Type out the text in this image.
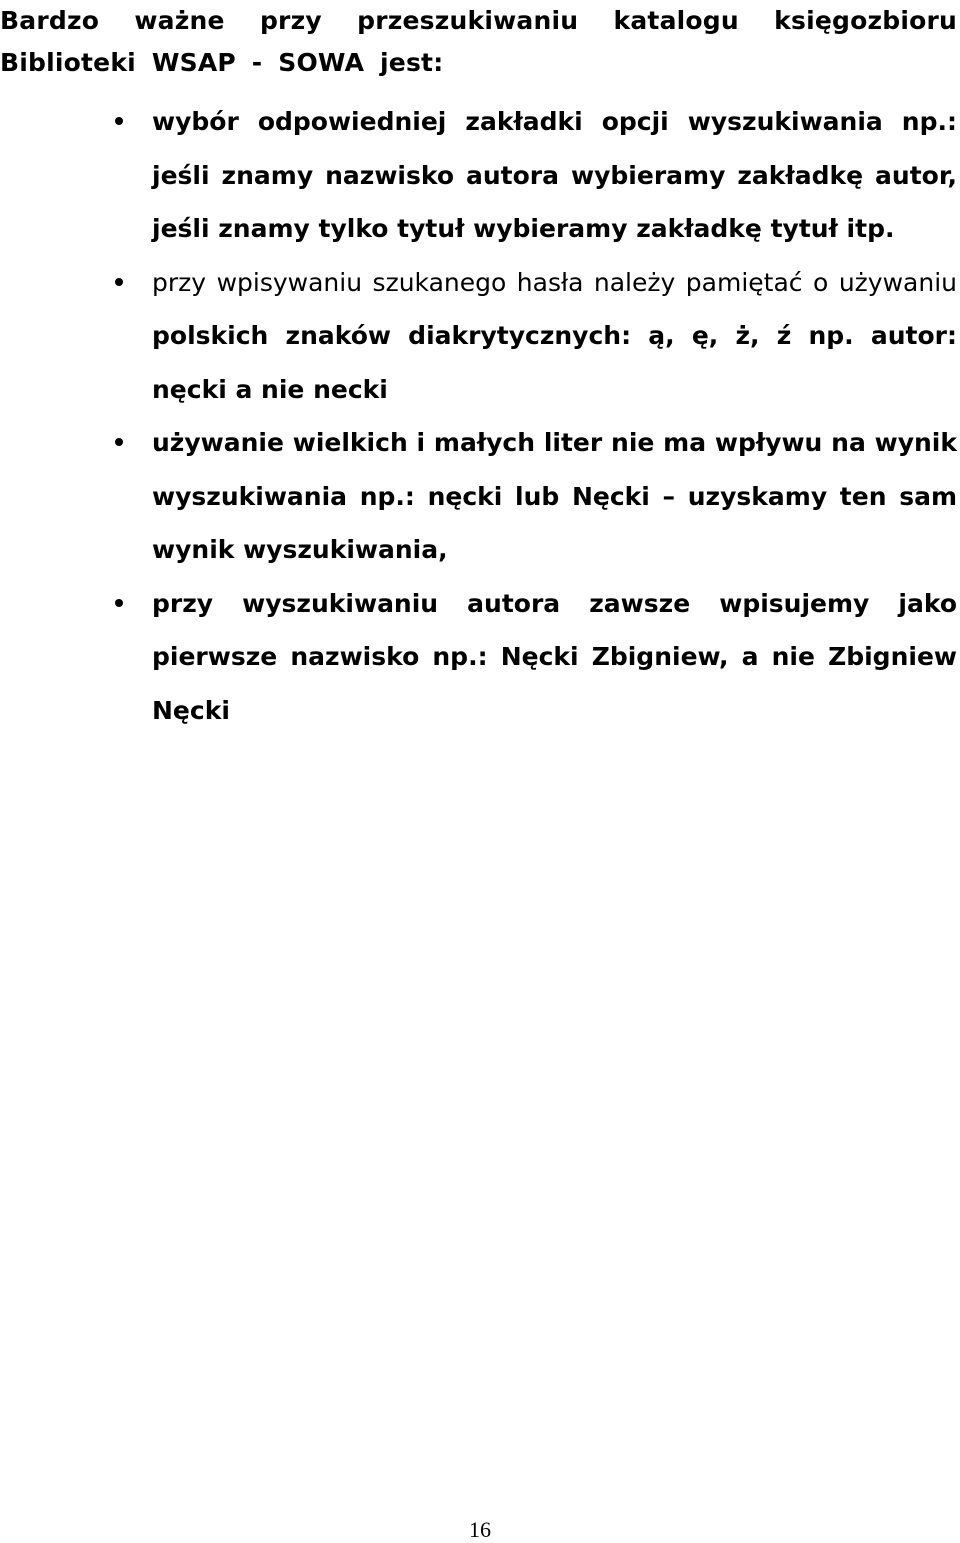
Bardzo ważne przy przeszukiwaniu katalogu księgozbioru Biblioteki WSAP - SOWA jest:
wybór odpowiedniej zakładki opcji wyszukiwania np.: jeśli znamy nazwisko autora wybieramy zakładkę autor, jeśli znamy tylko tytuł wybieramy zakładkę tytuł itp.
przy wpisywaniu szukanego hasła należy pamiętać o używaniu polskich znaków diakrytycznych: ą, ę, ż, ź np. autor: nęcki a nie necki
używanie wielkich i małych liter nie ma wpływu na wynik wyszukiwania np.: nęcki lub Nęcki – uzyskamy ten sam wynik wyszukiwania,
przy wyszukiwaniu autora zawsze wpisujemy jako pierwsze nazwisko np.: Nęcki Zbigniew, a nie Zbigniew Nęcki
16
